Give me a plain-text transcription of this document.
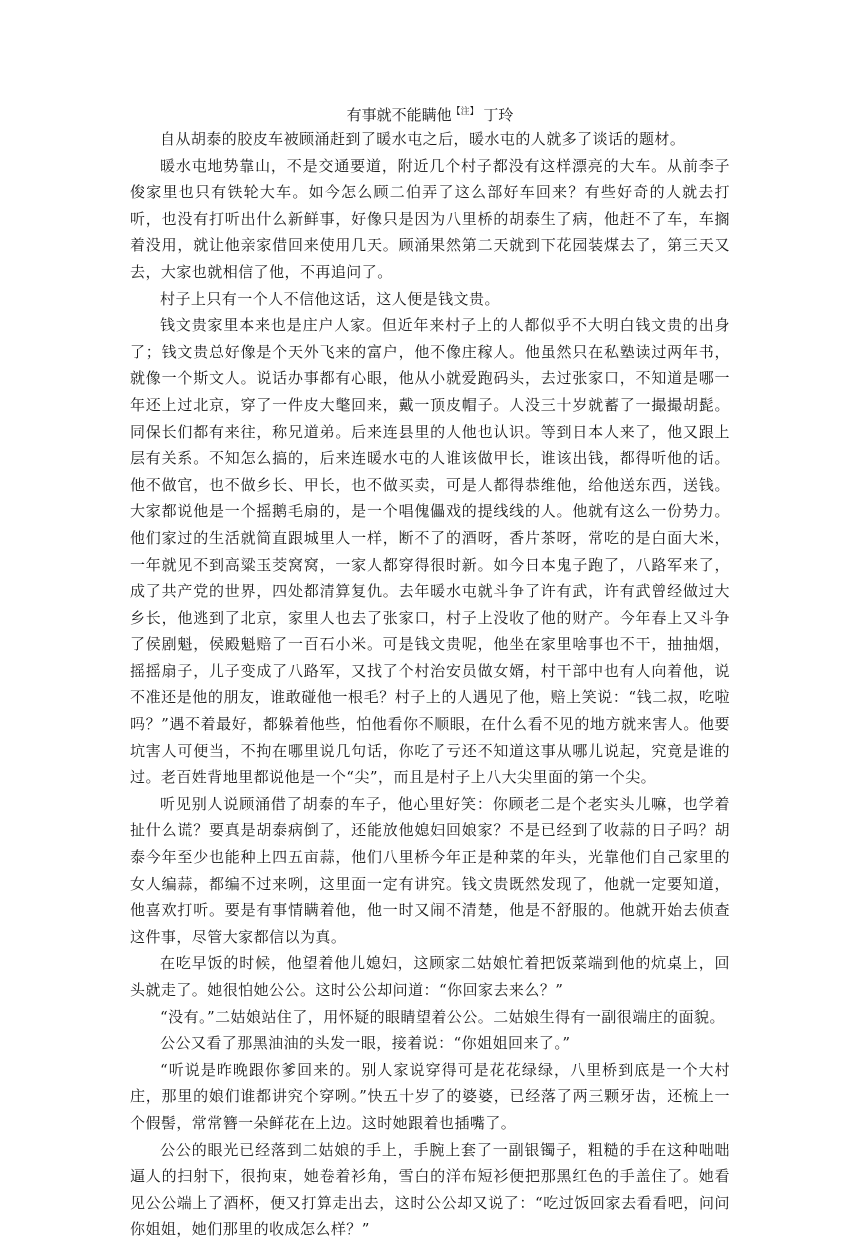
有事就不能瞒他$^{【注】}$ 丁玲

自从胡泰的胶皮车被顾涌赶到了暖水屯之后，暖水屯的人就多了谈话的题材。

暖水屯地势靠山，不是交通要道，附近几个村子都没有这样漂亮的大车。从前李子俊家里也只有铁轮大车。如今怎么顾二伯弄了这么部好车回来？有些好奇的人就去打听，也没有打听出什么新鲜事，好像只是因为八里桥的胡泰生了病，他赶不了车，车搁着没用，就让他亲家借回来使用几天。顾涌果然第二天就到下花园装煤去了，第三天又去，大家也就相信了他，不再追问了。

村子上只有一个人不信他这话，这人便是钱文贵。

钱文贵家里本来也是庄户人家。但近年来村子上的人都似乎不大明白钱文贵的出身了；钱文贵总好像是个天外飞来的富户，他不像庄稼人。他虽然只在私塾读过两年书，就像一个斯文人。说话办事都有心眼，他从小就爱跑码头，去过张家口，不知道是哪一年还上过北京，穿了一件皮大氅回来，戴一顶皮帽子。人没三十岁就蓄了一撮撮胡髭。同保长们都有来往，称兄道弟。后来连县里的人他也认识。等到日本人来了，他又跟上层有关系。不知怎么搞的，后来连暖水屯的人谁该做甲长，谁该出钱，都得听他的话。他不做官，也不做乡长、甲长，也不做买卖，可是人都得恭维他，给他送东西，送钱。大家都说他是一个摇鹅毛扇的，是一个唱傀儡戏的提线线的人。他就有这么一份势力。他们家过的生活就简直跟城里人一样，断不了的酒呀，香片茶呀，常吃的是白面大米，一年就见不到高粱玉茭窝窝，一家人都穿得很时新。如今日本鬼子跑了，八路军来了，成了共产党的世界，四处都清算复仇。去年暖水屯就斗争了许有武，许有武曾经做过大乡长，他逃到了北京，家里人也去了张家口，村子上没收了他的财产。今年春上又斗争了侯剧魁，侯殿魁赔了一百石小米。可是钱文贵呢，他坐在家里啥事也不干，抽抽烟，摇摇扇子，儿子变成了八路军，又找了个村治安员做女婿，村干部中也有人向着他，说不准还是他的朋友，谁敢碰他一根毛？村子上的人遇见了他，赔上笑说：“钱二叔，吃啦吗？”遇不着最好，都躲着他些，怕他看你不顺眼，在什么看不见的地方就来害人。他要坑害人可便当，不拘在哪里说几句话，你吃了亏还不知道这事从哪儿说起，究竟是谁的过。老百姓背地里都说他是一个“尖”，而且是村子上八大尖里面的第一个尖。

听见别人说顾涌借了胡泰的车子，他心里好笑：你顾老二是个老实头儿嘛，也学着扯什么谎？要真是胡泰病倒了，还能放他媳妇回娘家？不是已经到了收蒜的日子吗？胡泰今年至少也能种上四五亩蒜，他们八里桥今年正是种菜的年头，光靠他们自己家里的女人编蒜，都编不过来咧，这里面一定有讲究。钱文贵既然发现了，他就一定要知道，他喜欢打听。要是有事情瞒着他，他一时又闹不清楚，他是不舒服的。他就开始去侦查这件事，尽管大家都信以为真。

在吃早饭的时候，他望着他儿媳妇，这顾家二姑娘忙着把饭菜端到他的炕桌上，回头就走了。她很怕她公公。这时公公却问道：“你回家去来么？”

“没有。”二姑娘站住了，用怀疑的眼睛望着公公。二姑娘生得有一副很端庄的面貌。

公公又看了那黑油油的头发一眼，接着说：“你姐姐回来了。”

“听说是昨晚跟你爹回来的。别人家说穿得可是花花绿绿，八里桥到底是一个大村庄，那里的娘们谁都讲究个穿咧。”快五十岁了的婆婆，已经落了两三颗牙齿，还梳上一个假髻，常常簪一朵鲜花在上边。这时她跟着也插嘴了。

公公的眼光已经落到二姑娘的手上，手腕上套了一副银镯子，粗糙的手在这种咄咄逼人的扫射下，很拘束，她卷着衫角，雪白的洋布短衫便把那黑红色的手盖住了。她看见公公端上了酒杯，便又打算走出去，这时公公却又说了：“吃过饭回家去看看吧，问问你姐姐，她们那里的收成怎么样？”
